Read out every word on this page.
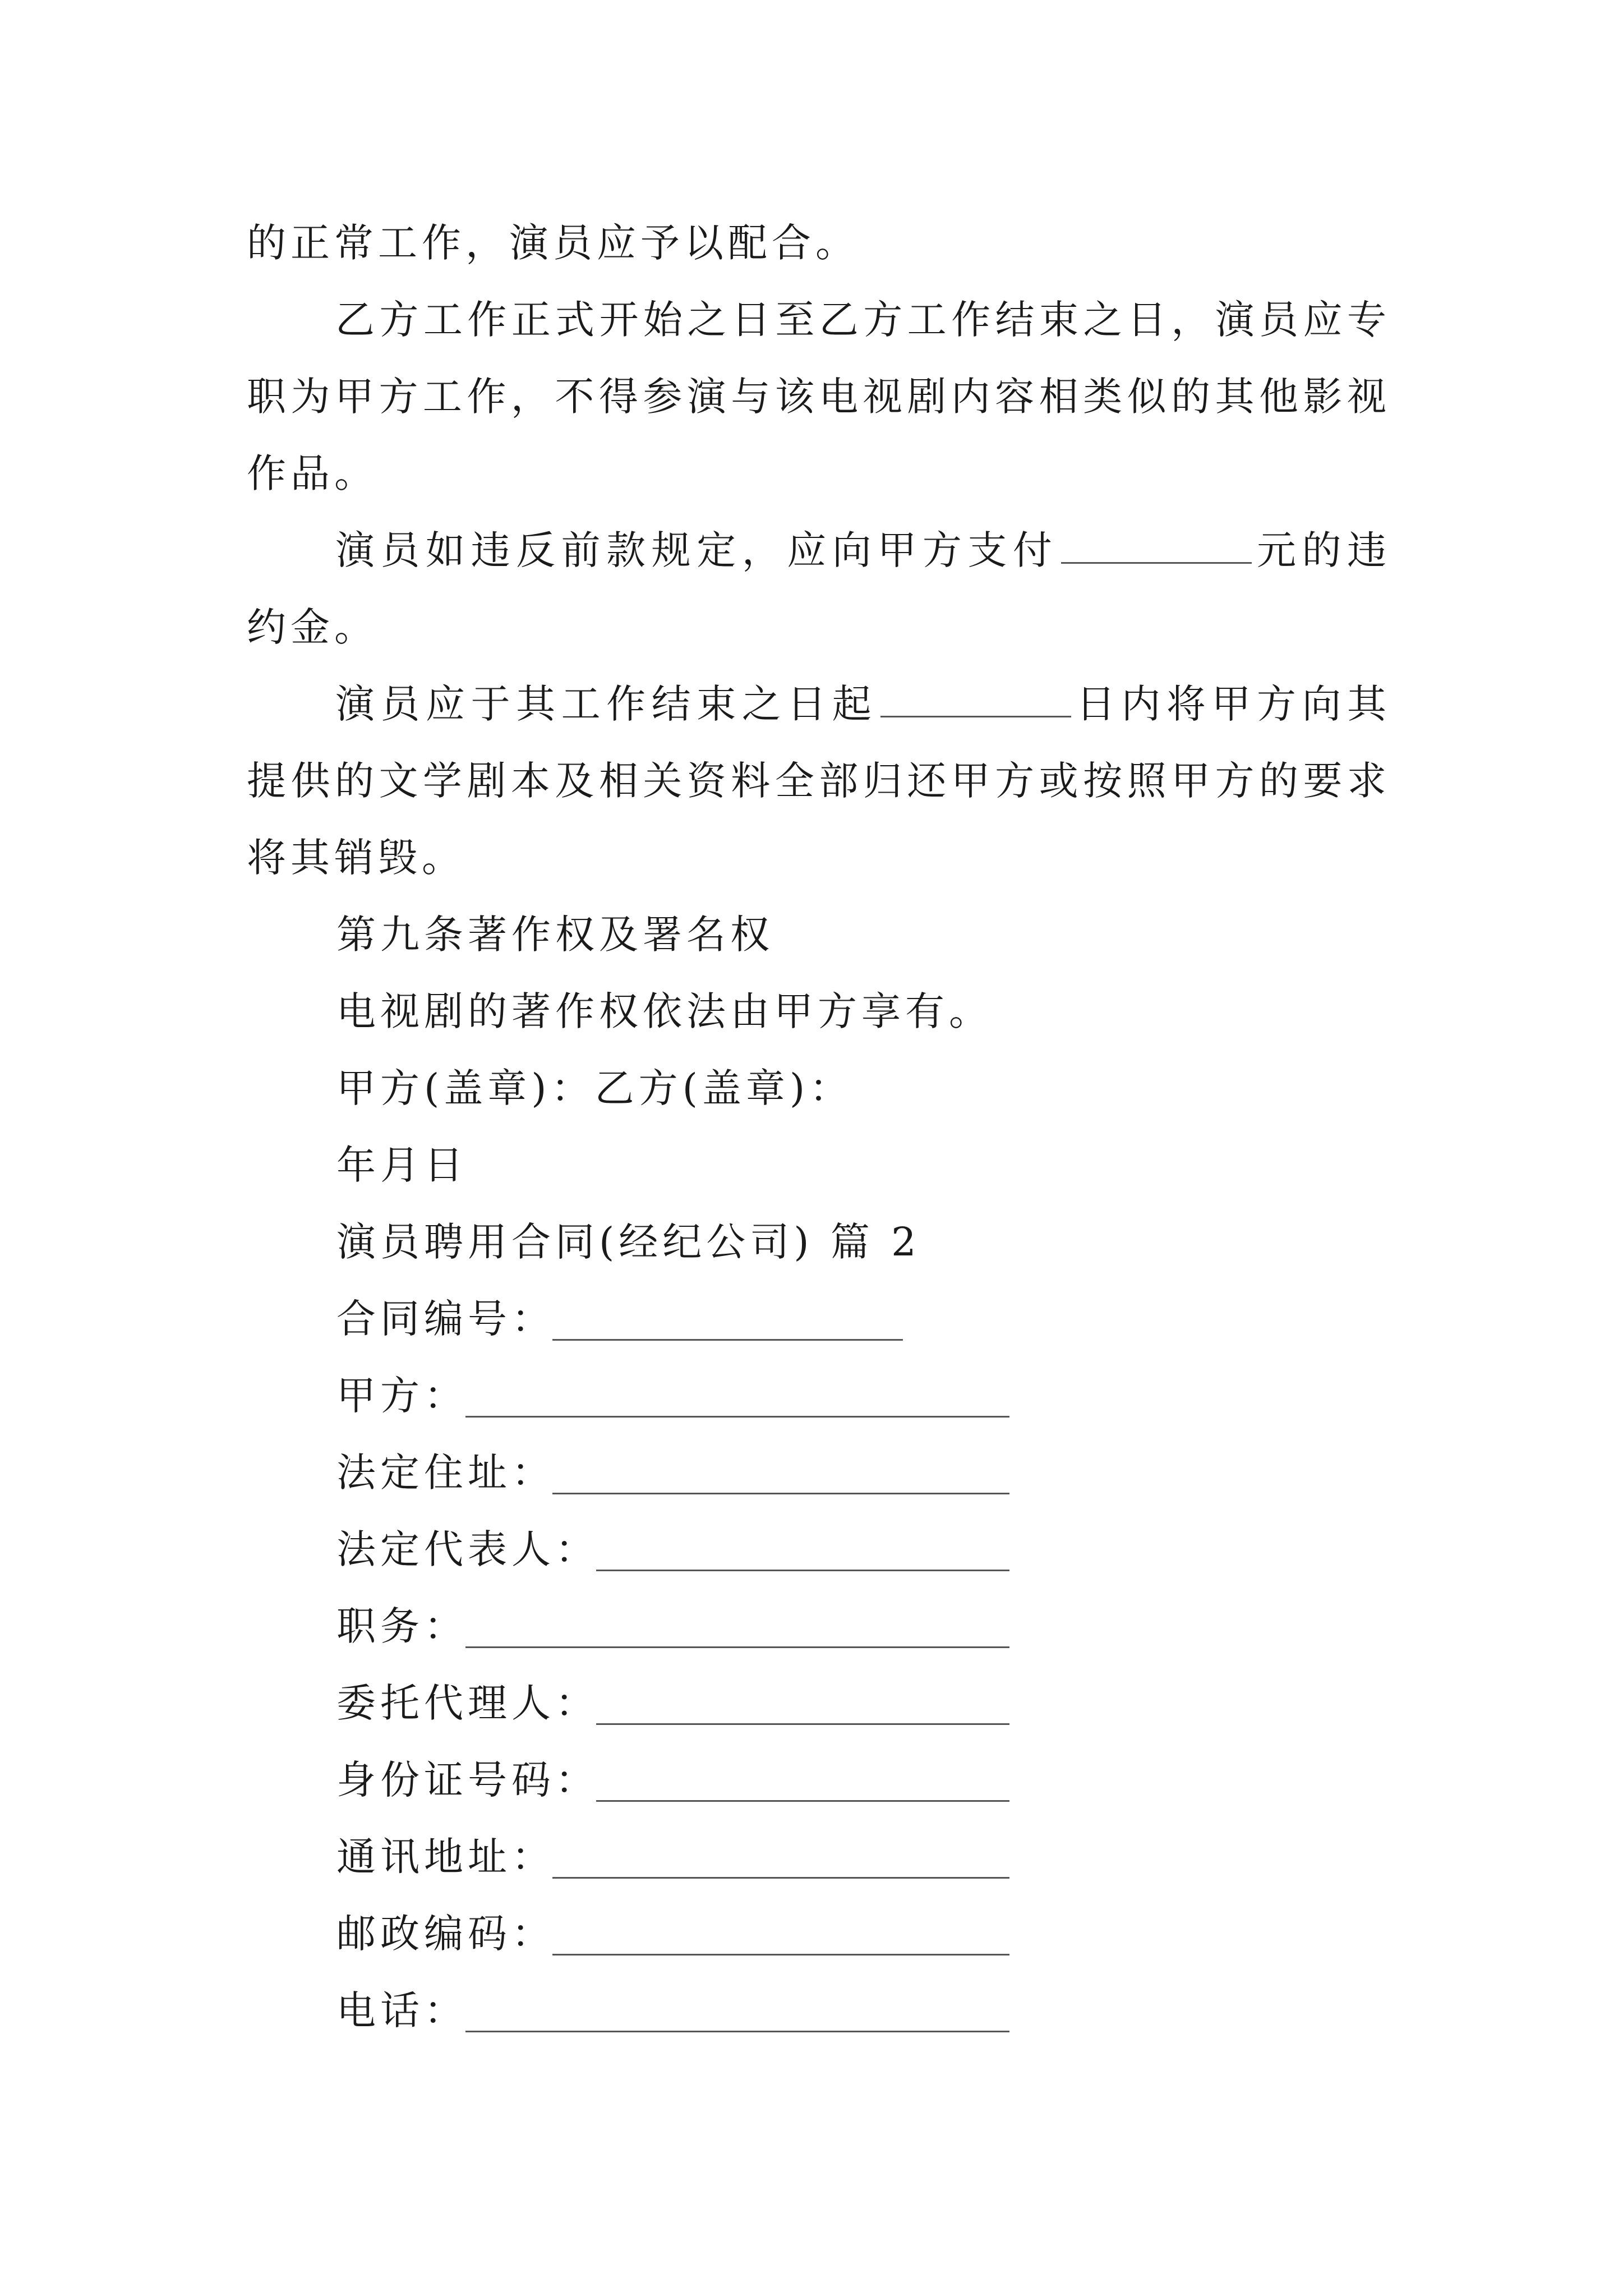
的正常工作，演员应予以配合。

乙方工作正式开始之日至乙方工作结束之日，演员应专职为甲方工作，不得参演与该电视剧内容相类似的其他影视作品。

演员如违反前款规定，应向甲方支付	元的违约金。

演员应于其工作结束之日起	日内将甲方向其提供的文学剧本及相关资料全部归还甲方或按照甲方的要求将其销毁。

第九条著作权及署名权

电视剧的著作权依法由甲方享有。

甲方(盖章)：乙方(盖章)：

年月日

演员聘用合同(经纪公司) 篇 2

合同编号：
甲方：
法定住址：
法定代表人：
职务：
委托代理人：
身份证号码：
通讯地址：
邮政编码：
电话：
